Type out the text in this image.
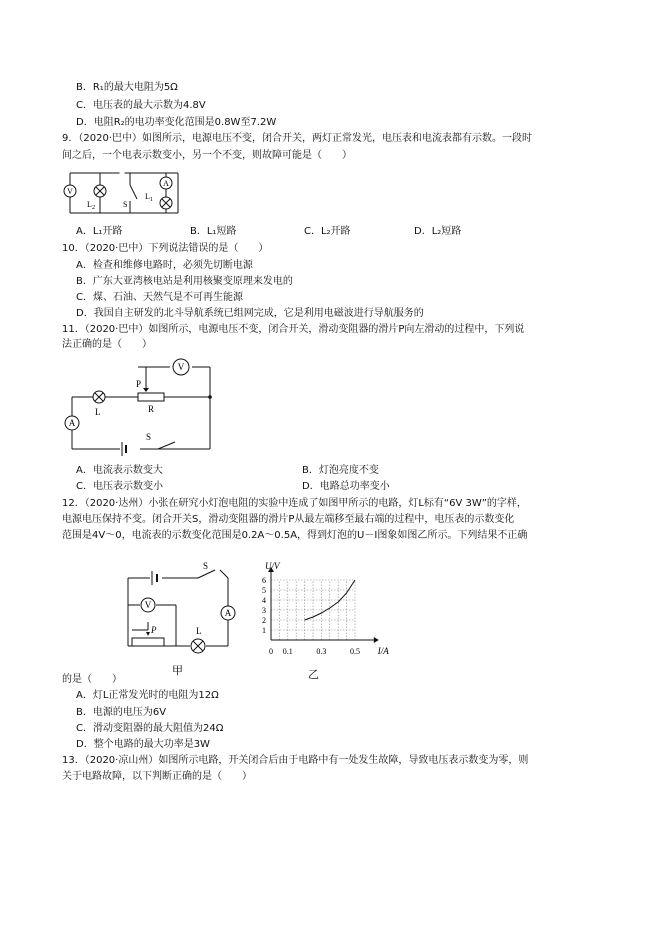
B．R₁的最大电阻为5Ω
C．电压表的最大示数为4.8V
D．电阻R₂的电功率变化范围是0.8W至7.2W
9．（2020·巴中）如图所示，电源电压不变，闭合开关，两灯正常发光，电压表和电流表都有示数。一段时
间之后，一个电表示数变小，另一个不变，则故障可能是（　　）
V
L 2	S
A
L 1
A．L₁开路	B．L₁短路	C．L₂开路	D．L₂短路
10．（2020·巴中）下列说法错误的是（　　）
A．检查和维修电路时，必须先切断电源
B．广东大亚湾核电站是利用核聚变原理来发电的
C．煤、石油、天然气是不可再生能源
D．我国自主研发的北斗导航系统已组网完成，它是利用电磁波进行导航服务的
11．（2020·巴中）如图所示，电源电压不变，闭合开关，滑动变阻器的滑片P向左滑动的过程中，下列说
法正确的是（　　）
V
P
R
L
A
S
A．电流表示数变大	B．灯泡亮度不变
C．电压表示数变小	D．电路总功率变小
12．（2020·达州）小张在研究小灯泡电阻的实验中连成了如图甲所示的电路，灯L标有“6V 3W”的字样，
电源电压保持不变。闭合开关S，滑动变阻器的滑片P从最左端移至最右端的过程中，电压表的示数变化
范围是4V～0，电流表的示数变化范围是0.2A～0.5A，得到灯泡的U－I图象如图乙所示。下列结果不正确
S
V
A
P	L
甲
0 0.1	0.3	0.5
1
2
3
4
5
6
U/V
I/A
乙
的是（　　）
A．灯L正常发光时的电阻为12Ω
B．电源的电压为6V
C．滑动变阻器的最大阻值为24Ω
D．整个电路的最大功率是3W
13．（2020·凉山州）如图所示电路，开关闭合后由于电路中有一处发生故障，导致电压表示数变为零，则
关于电路故障，以下判断正确的是（　　）
